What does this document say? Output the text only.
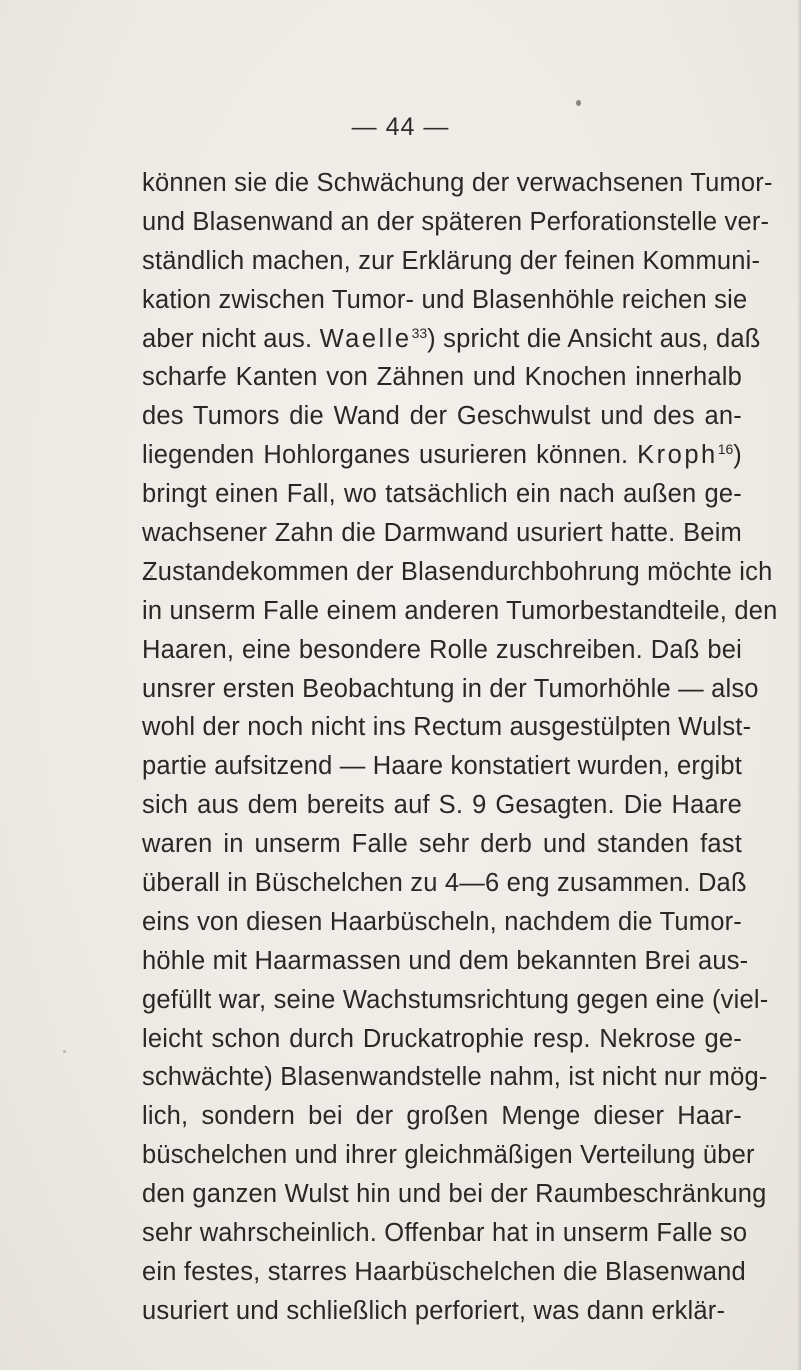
— 44 —
können sie die Schwächung der verwachsenen Tumor-
und Blasenwand an der späteren Perforationstelle ver-
ständlich machen, zur Erklärung der feinen Kommuni-
kation zwischen Tumor- und Blasenhöhle reichen sie
aber nicht aus. Waelle$^{33}$) spricht die Ansicht aus, daß
scharfe Kanten von Zähnen und Knochen innerhalb
des Tumors die Wand der Geschwulst und des an-
liegenden Hohlorganes usurieren können. Kroph$^{16}$)
bringt einen Fall, wo tatsächlich ein nach außen ge-
wachsener Zahn die Darmwand usuriert hatte. Beim
Zustandekommen der Blasendurchbohrung möchte ich
in unserm Falle einem anderen Tumorbestandteile, den
Haaren, eine besondere Rolle zuschreiben. Daß bei
unsrer ersten Beobachtung in der Tumorhöhle — also
wohl der noch nicht ins Rectum ausgestülpten Wulst-
partie aufsitzend — Haare konstatiert wurden, ergibt
sich aus dem bereits auf S. 9 Gesagten. Die Haare
waren in unserm Falle sehr derb und standen fast
überall in Büschelchen zu 4—6 eng zusammen. Daß
eins von diesen Haarbüscheln, nachdem die Tumor-
höhle mit Haarmassen und dem bekannten Brei aus-
gefüllt war, seine Wachstumsrichtung gegen eine (viel-
leicht schon durch Druckatrophie resp. Nekrose ge-
schwächte) Blasenwandstelle nahm, ist nicht nur mög-
lich, sondern bei der großen Menge dieser Haar-
büschelchen und ihrer gleichmäßigen Verteilung über
den ganzen Wulst hin und bei der Raumbeschränkung
sehr wahrscheinlich. Offenbar hat in unserm Falle so
ein festes, starres Haarbüschelchen die Blasenwand
usuriert und schließlich perforiert, was dann erklär-
